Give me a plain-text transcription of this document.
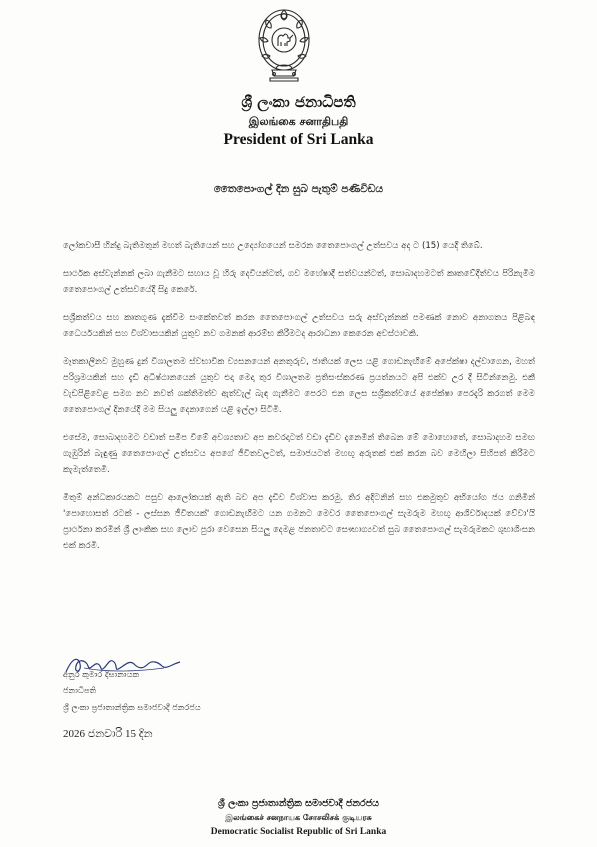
ශ්‍රී ලංකා ජනාධිපති
இலங்கை சனாதிபதி
President of Sri Lanka
තෛපොංගල් දින සුබ පැතුම් පණිවිඩය

ලෝකවාසී හින්දු බැතිමතුන් මහත් බැතියෙන් සහ උද්‍යෝගයෙන් සමරන තෛපොංගල් උත්සවය අද ට (15) යෙදී තිබේ.

සාර්ථක අස්වැන්නක් ලබා ගැනීමට සහාය වූ හිරු දෙවියන්ටත්, ගව මහේෂාදී සත්වයන්ටත්, සොබාදහමටත් කෘතවේදීත්වය පිරිනැමීම තෛපොංගල් උත්සවයේදී සිදු කෙරේ.

සශ්‍රීකත්වය සහ කෘතගුණ දැක්වීම සංකේතවත් කරන තෛපොංගල් උත්සවය සරු අස්වැන්නක් පමණක් නොව අනාගතය පිළිබඳ ධෛර්යයකින් සහ විශ්වාසයකින් යුතුව නව ගමනක් ආරම්භ කිරීමටද ආරාධනා කෙරෙන අවස්ථාවකි.

මෑතකාලීනව මුහුණ දුන් විශාලතම ස්වභාවික ව්‍යසනයෙන් අනතුරුව, ජාතියක් ලෙස යළි ගොඩනැඟීමේ අපේක්ෂා දල්වාගෙන, මහත් පරිශ්‍රමයකින් සහ දැඩි අධිෂ්ඨානයෙන් යුතුව එදා මෙදා තුර විශාලතම ප්‍රතිසංස්කරණ ප්‍රයත්නයට අපි එක්ව උර දී සිටින්නෙමු. එකී වැඩපිළිවෙළ සමග නව නවත් ශක්තිමත්ව ඇත්වැල් බැඳ ගැනීමට පෙරට එන ලෙස සශ්‍රීකත්වයේ අපේක්ෂා පෙරදැරි කරගත් මෙම තෛපොංගල් දිනයේදී මම සියලු දෙනාගෙන් යළි ඉල්ලා සිටිමි.

එසේම, සොබාදහමට වඩාත් සමීප වීමේ අවශ්‍යතාව අප කවරදාටත් වඩා දැඩිව දැනෙමින් තිබෙන මේ මොහොතේ, සොබාදහම සමඟ ගැඹුරින් බැඳුණු තෛපොංගල් උත්සවය අපගේ ජීවිතවලටත්, සමාජයටත් මහඟු අරුතක් එක් කරන බව මෙහිලා සිහිපත් කිරීමට කැමැත්තෙමි.

මීතුම් අන්ධකාරයකට පසුව ආලෝකයක් ඇති බව අප දැඩිව විශ්වාස කරමු. තිර අදිටනින් සහ එකමුතුව අභියෝග ජය ගනිමින් 'පොහොසත් රටක් - ලස්සන ජීවිතයක්' ගොඩනැඟීමට යන ගමනට මෙවර තෛපොංගල් සැමරුම මහඟු ආශිර්වාදයක් වේවා'යි ප්‍රාර්ථනා කරමින් ශ්‍රී ලාංකික සහ ලොව පුරා වෙසෙන සියලු දෙමළ ජනතාවට සෞභාග්‍යවත් සුබ තෛපොංගල් සැමරුමකට ශුභාශිංසන එක් කරමි.

අනුර කුමාර දිසානායක
ජනාධිපති
ශ්‍රී ලංකා ප්‍රජාතාන්ත්‍රික සමාජවාදී ජනරජය
2026 ජනවාරි 15 දින
ශ්‍රී ලංකා ප්‍රජාතාන්ත්‍රික සමාජවාදී ජනරජය
இலங்கைச் சனநாயக சோசலிசக் குடியரசு
Democratic Socialist Republic of Sri Lanka
